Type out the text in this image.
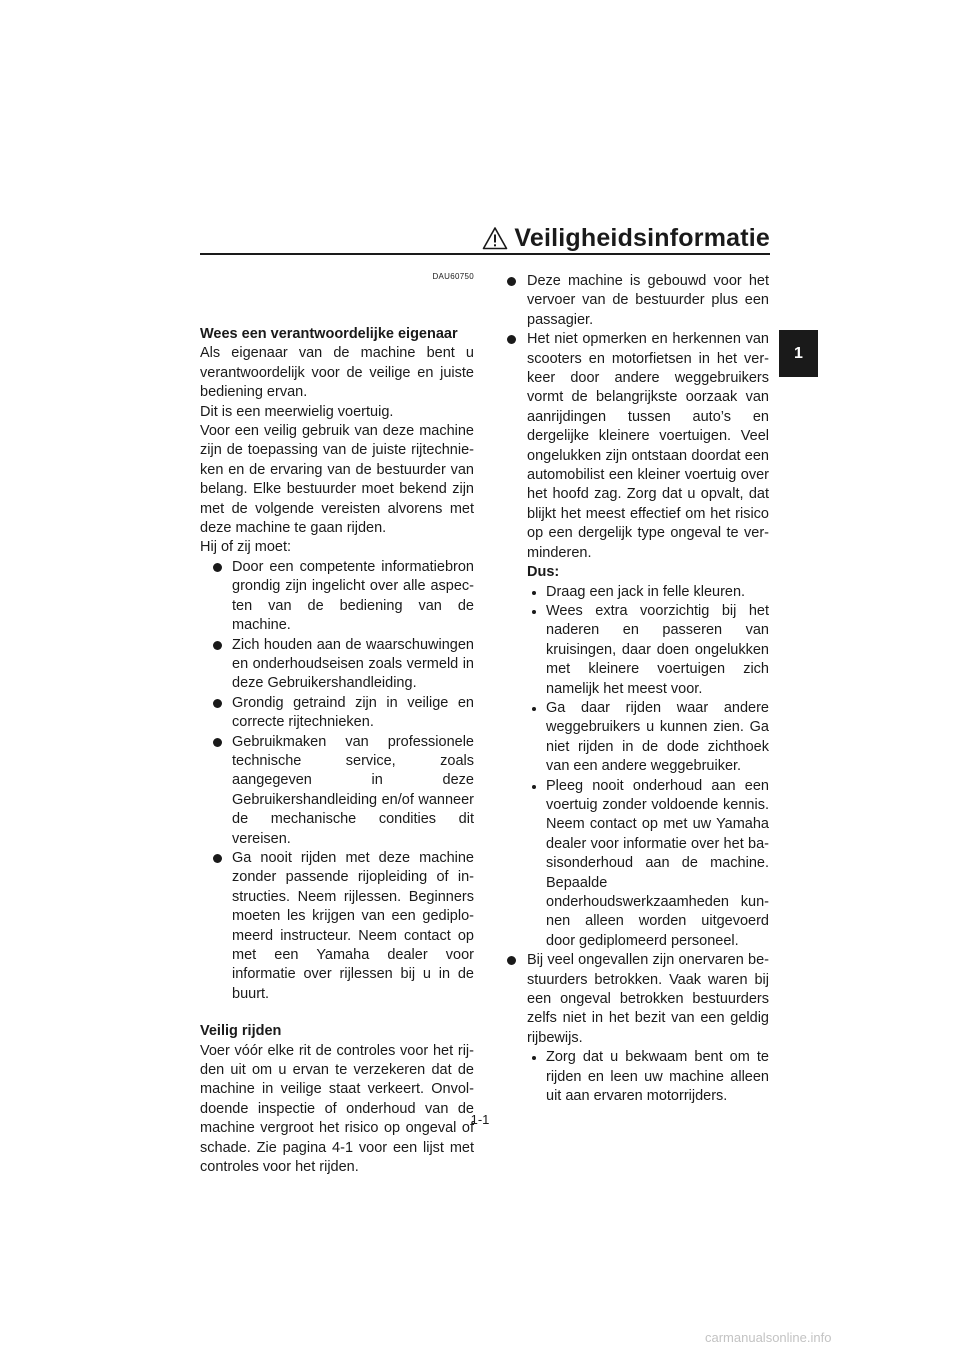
Veiligheidsinformatie
1
DAU60750

Wees een verantwoordelijke eigenaar

Als eigenaar van de machine bent u verantwoordelijk voor de veilige en juiste bediening ervan.

Dit is een meerwielig voertuig.

Voor een veilig gebruik van deze machine zijn de toepassing van de juiste rijtechnieken en de ervaring van de bestuurder van belang. Elke bestuurder moet bekend zijn met de volgende vereisten alvorens met deze machine te gaan rijden.

Hij of zij moet:

Door een competente informatiebron grondig zijn ingelicht over alle aspecten van de bediening van de machine.
Zich houden aan de waarschuwingen en onderhoudseisen zoals vermeld in deze Gebruikershandleiding.
Grondig getraind zijn in veilige en correcte rijtechnieken.
Gebruikmaken van professionele technische service, zoals aangegeven in deze Gebruikershandleiding en/of wanneer de mechanische condities dit vereisen.
Ga nooit rijden met deze machine zonder passende rijopleiding of instructies. Neem rijlessen. Beginners moeten les krijgen van een gediplomeerd instructeur. Neem contact op met een Yamaha dealer voor informatie over rijlessen bij u in de buurt.

Veilig rijden

Voer vóór elke rit de controles voor het rijden uit om u ervan te verzekeren dat de machine in veilige staat verkeert. Onvoldoende inspectie of onderhoud van de machine vergroot het risico op ongeval of schade. Zie pagina 4-1 voor een lijst met controles voor het rijden.

Deze machine is gebouwd voor het vervoer van de bestuurder plus een passagier.
Het niet opmerken en herkennen van scooters en motorfietsen in het verkeer door andere weggebruikers vormt de belangrijkste oorzaak van aanrijdingen tussen auto’s en dergelijke kleinere voertuigen. Veel ongelukken zijn ontstaan doordat een automobilist een kleiner voertuig over het hoofd zag. Zorg dat u opvalt, dat blijkt het meest effectief om het risico op een dergelijk type ongeval te verminderen.

Dus:

Draag een jack in felle kleuren.
Wees extra voorzichtig bij het naderen en passeren van kruisingen, daar doen ongelukken met kleinere voertuigen zich namelijk het meest voor.
Ga daar rijden waar andere weggebruikers u kunnen zien. Ga niet rijden in de dode zichthoek van een andere weggebruiker.
Pleeg nooit onderhoud aan een voertuig zonder voldoende kennis. Neem contact op met uw Yamaha dealer voor informatie over het basisonderhoud aan de machine. Bepaalde onderhoudswerkzaamheden kunnen alleen worden uitgevoerd door gediplomeerd personeel.
Bij veel ongevallen zijn onervaren bestuurders betrokken. Vaak waren bij een ongeval betrokken bestuurders zelfs niet in het bezit van een geldig rijbewijs.
Zorg dat u bekwaam bent om te rijden en leen uw machine alleen uit aan ervaren motorrijders.
1-1
carmanualsonline.info
